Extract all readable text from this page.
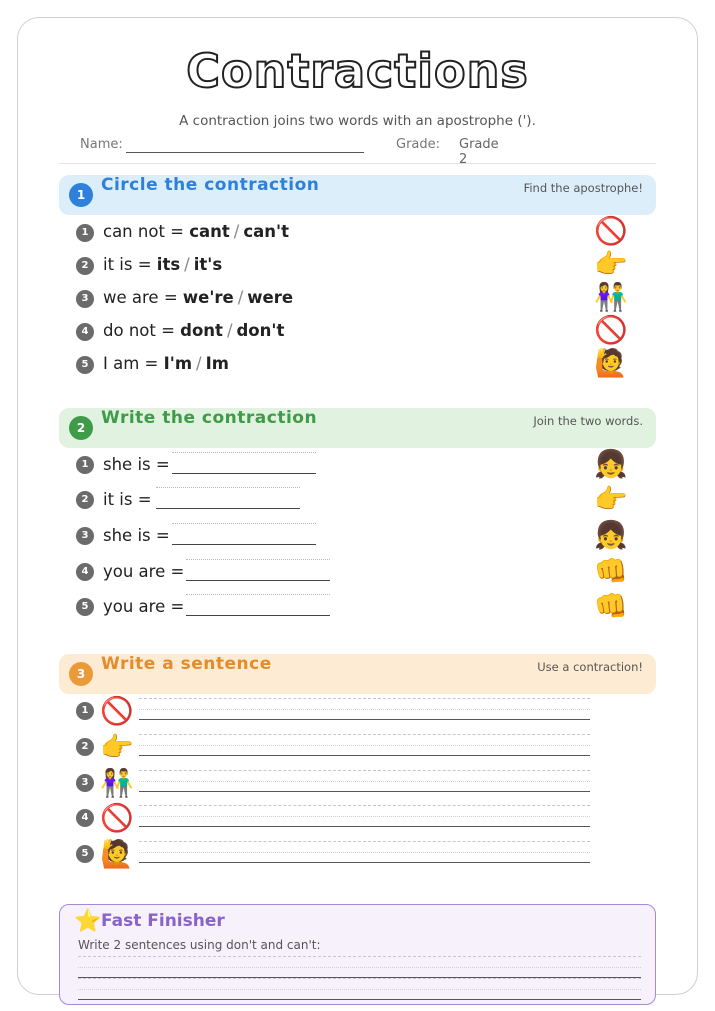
Contractions
A contraction joins two words with an apostrophe (').
Name:	Grade: Grade 2
1 Circle the contraction	Find the apostrophe!
1 can not = cant / can't	🚫
2 it is = its / it's	👉
3 we are = we're / were	👫
4 do not = dont / don't	🚫
5 I am = I'm / Im	🙋
2 Write the contraction	Join the two words.
1 she is =	👧
2 it is =	👉
3 she is =	👧
4 you are =	👊
5 you are =	👊
3 Write a sentence	Use a contraction!
1 🚫
2 👉
3 👫
4 🚫
5 🙋
⭐ Fast Finisher
Write 2 sentences using don't and can't:
